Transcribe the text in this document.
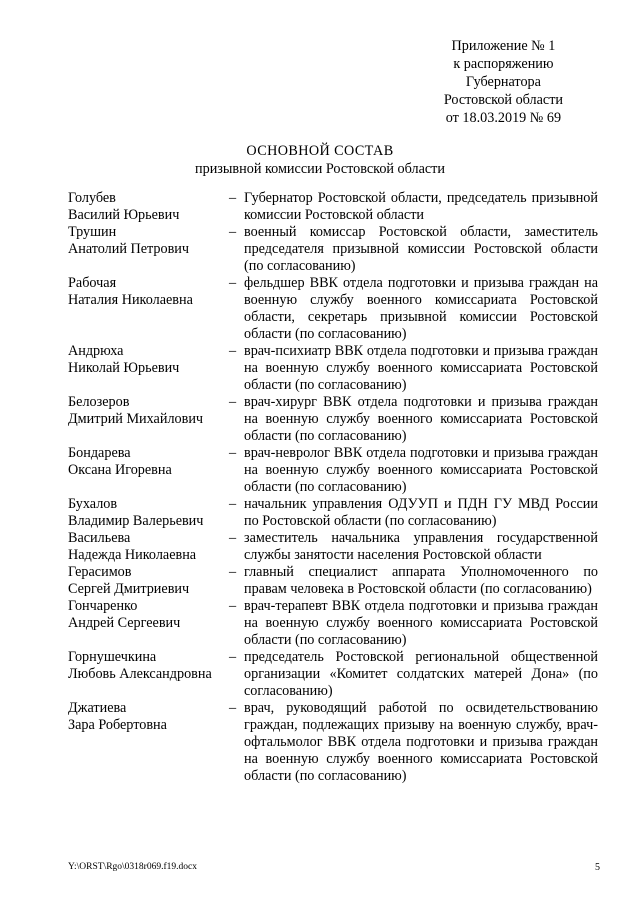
Приложение № 1
к распоряжению
Губернатора
Ростовской области
от 18.03.2019 № 69
ОСНОВНОЙ СОСТАВ
призывной комиссии Ростовской области
Голубев
Василий Юрьевич
– Губернатор Ростовской области, председатель призывной комиссии Ростовской области
Трушин
Анатолий Петрович
– военный комиссар Ростовской области, заместитель председателя призывной комиссии Ростовской области (по согласованию)
Рабочая
Наталия Николаевна
– фельдшер ВВК отдела подготовки и призыва граждан на военную службу военного комиссариата Ростовской области, секретарь призывной комиссии Ростовской области (по согласованию)
Андрюха
Николай Юрьевич
– врач-психиатр ВВК отдела подготовки и призыва граждан на военную службу военного комиссариата Ростовской области (по согласованию)
Белозеров
Дмитрий Михайлович
– врач-хирург ВВК отдела подготовки и призыва граждан на военную службу военного комиссариата Ростовской области (по согласованию)
Бондарева
Оксана Игоревна
– врач-невролог ВВК отдела подготовки и призыва граждан на военную службу военного комиссариата Ростовской области (по согласованию)
Бухалов
Владимир Валерьевич
– начальник управления ОДУУП и ПДН ГУ МВД России по Ростовской области (по согласованию)
Васильева
Надежда Николаевна
– заместитель начальника управления государственной службы занятости населения Ростовской области
Герасимов
Сергей Дмитриевич
– главный специалист аппарата Уполномоченного по правам человека в Ростовской области (по согласованию)
Гончаренко
Андрей Сергеевич
– врач-терапевт ВВК отдела подготовки и призыва граждан на военную службу военного комиссариата Ростовской области (по согласованию)
Горнушечкина
Любовь Александровна
– председатель Ростовской региональной общественной организации «Комитет солдатских матерей Дона» (по согласованию)
Джатиева
Зара Робертовна
– врач, руководящий работой по освидетельствованию граждан, подлежащих призыву на военную службу, врач-офтальмолог ВВК отдела подготовки и призыва граждан на военную службу военного комиссариата Ростовской области (по согласованию)
Y:\ORST\Rgo\0318r069.f19.docx	5
